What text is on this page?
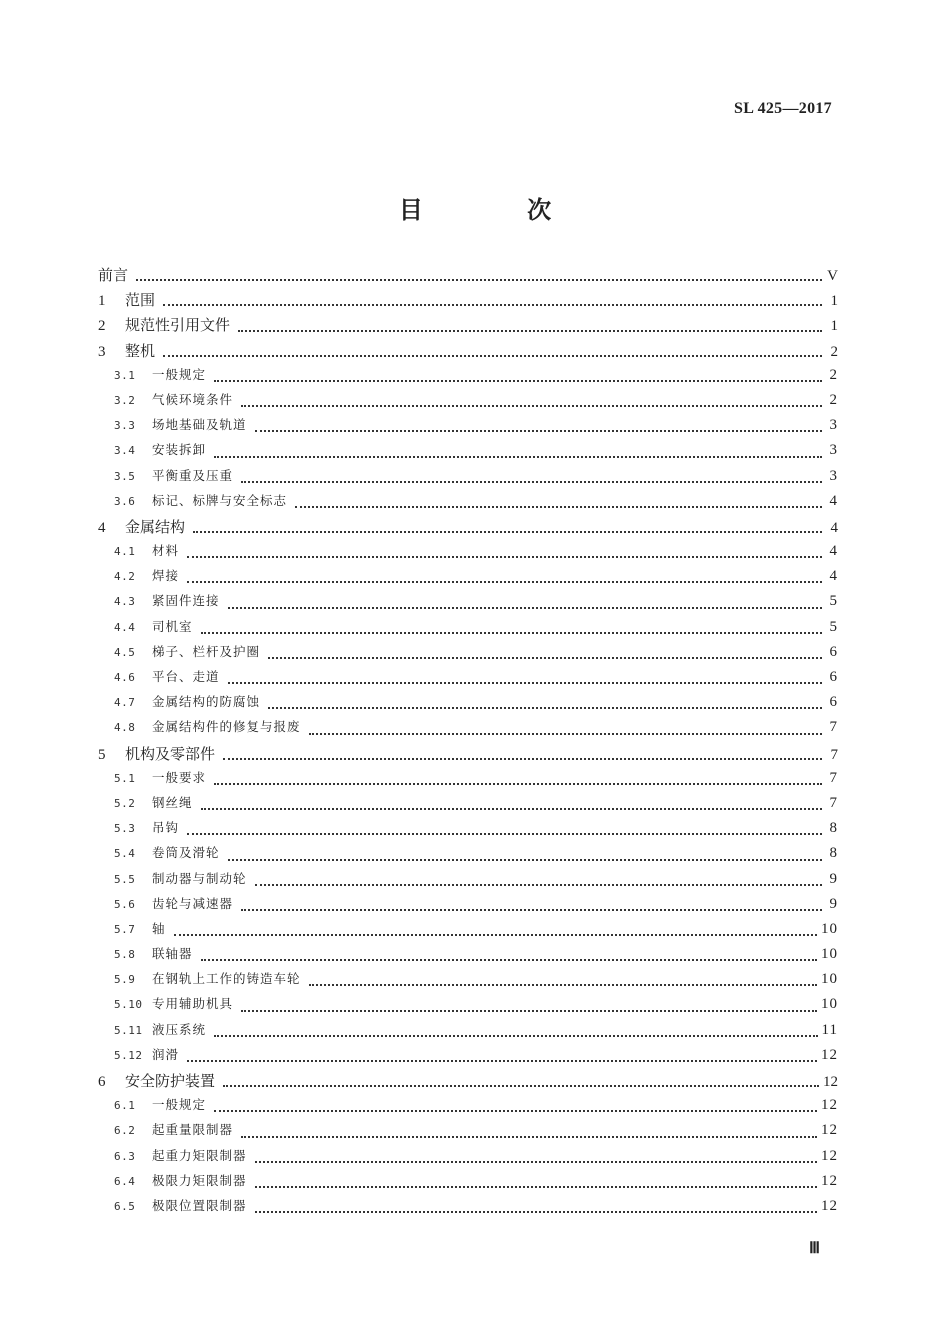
SL 425—2017
目 次
前言	V
1	范围	1
2	规范性引用文件	1
3	整机	2
3.1	一般规定	2
3.2	气候环境条件	2
3.3	场地基础及轨道	3
3.4	安装拆卸	3
3.5	平衡重及压重	3
3.6	标记、标牌与安全标志	4
4	金属结构	4
4.1	材料	4
4.2	焊接	4
4.3	紧固件连接	5
4.4	司机室	5
4.5	梯子、栏杆及护圈	6
4.6	平台、走道	6
4.7	金属结构的防腐蚀	6
4.8	金属结构件的修复与报废	7
5	机构及零部件	7
5.1	一般要求	7
5.2	钢丝绳	7
5.3	吊钩	8
5.4	卷筒及滑轮	8
5.5	制动器与制动轮	9
5.6	齿轮与减速器	9
5.7	轴	10
5.8	联轴器	10
5.9	在钢轨上工作的铸造车轮	10
5.10 专用辅助机具	10
5.11 液压系统	11
5.12 润滑	12
6	安全防护装置	12
6.1	一般规定	12
6.2	起重量限制器	12
6.3	起重力矩限制器	12
6.4	极限力矩限制器	12
6.5	极限位置限制器	12
Ⅲ
